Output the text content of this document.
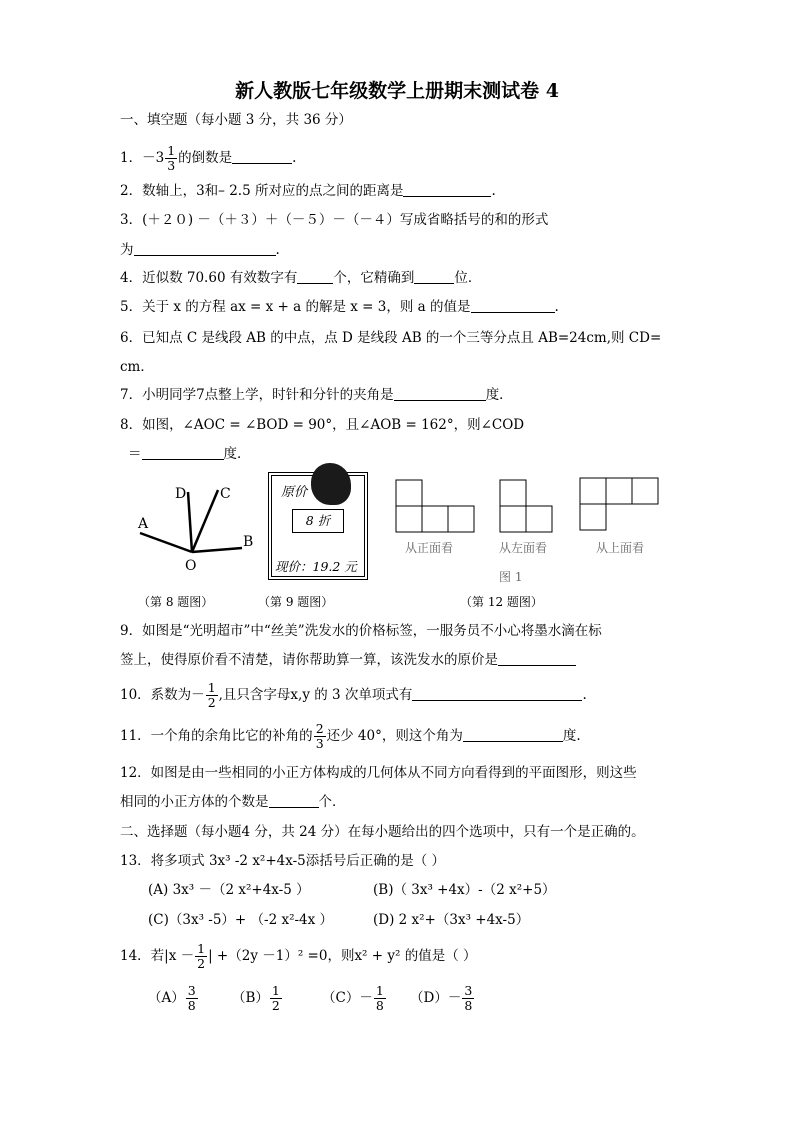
新人教版七年级数学上册期末测试卷 4
一、填空题（每小题 3 分，共 36 分）
1．$-3 \frac{1}{3}$ 的倒数是	.
2．数轴上，3和– 2.5 所对应的点之间的距离是	.
3．(＋２０) －（＋３）＋（－５）－（－４）写成省略括号的和的形式
为	.
4．近似数 70.60 有效数字有	个，它精确到	位．
5．关于 x 的方程 ax = x + a 的解是 x = 3，则 a 的值是	.
6．已知点 C 是线段 AB 的中点，点 D 是线段 AB 的一个三等分点且 AB=24cm,则 CD=
cm．
7．小明同学7点整上学，时针和分针的夹角是	度．
8．如图，∠AOC = ∠BOD = 90°，且∠AOB = 162°，则∠COD
＝	度．
D C
A
B
O
（第 8 题图）
原价
8 折
现价：19.2 元
（第 9 题图）
从正面看	从左面看	从上面看
图 1
（第 12 题图）
9．如图是“光明超市”中“丝美”洗发水的价格标签，一服务员不小心将墨水滴在标
签上，使得原价看不清楚，请你帮助算一算，该洗发水的原价是
10．系数为－ $\frac{1}{2}$ ,且只含字母x,y 的 3 次单项式有	.
11．一个角的余角比它的补角的 $\frac{2}{3}$ 还少 40°，则这个角为	度.
12．如图是由一些相同的小正方体构成的几何体从不同方向看得到的平面图形，则这些
相同的小正方体的个数是	个．
二、选择题（每小题4 分，共 24 分）在每小题给出的四个选项中，只有一个是正确的。
13．将多项式 3x³ -2 x²+4x-5添括号后正确的是（ ）
(A) 3x³ －（2 x²+4x-5 ）	(B)（ 3x³ +4x）-（2 x²+5）
(C)（3x³ -5）+ （-2 x²-4x ）	(D) 2 x²+（3x³ +4x-5）
14．若$|x - \frac{1}{2}$ | +（2y －1）² =0，则x² + y² 的值是（ ）
$(A) \frac{3}{8}$	$(B) \frac{1}{2}$	$(C)- \frac{1}{8} (D)- \frac{3}{8}$
